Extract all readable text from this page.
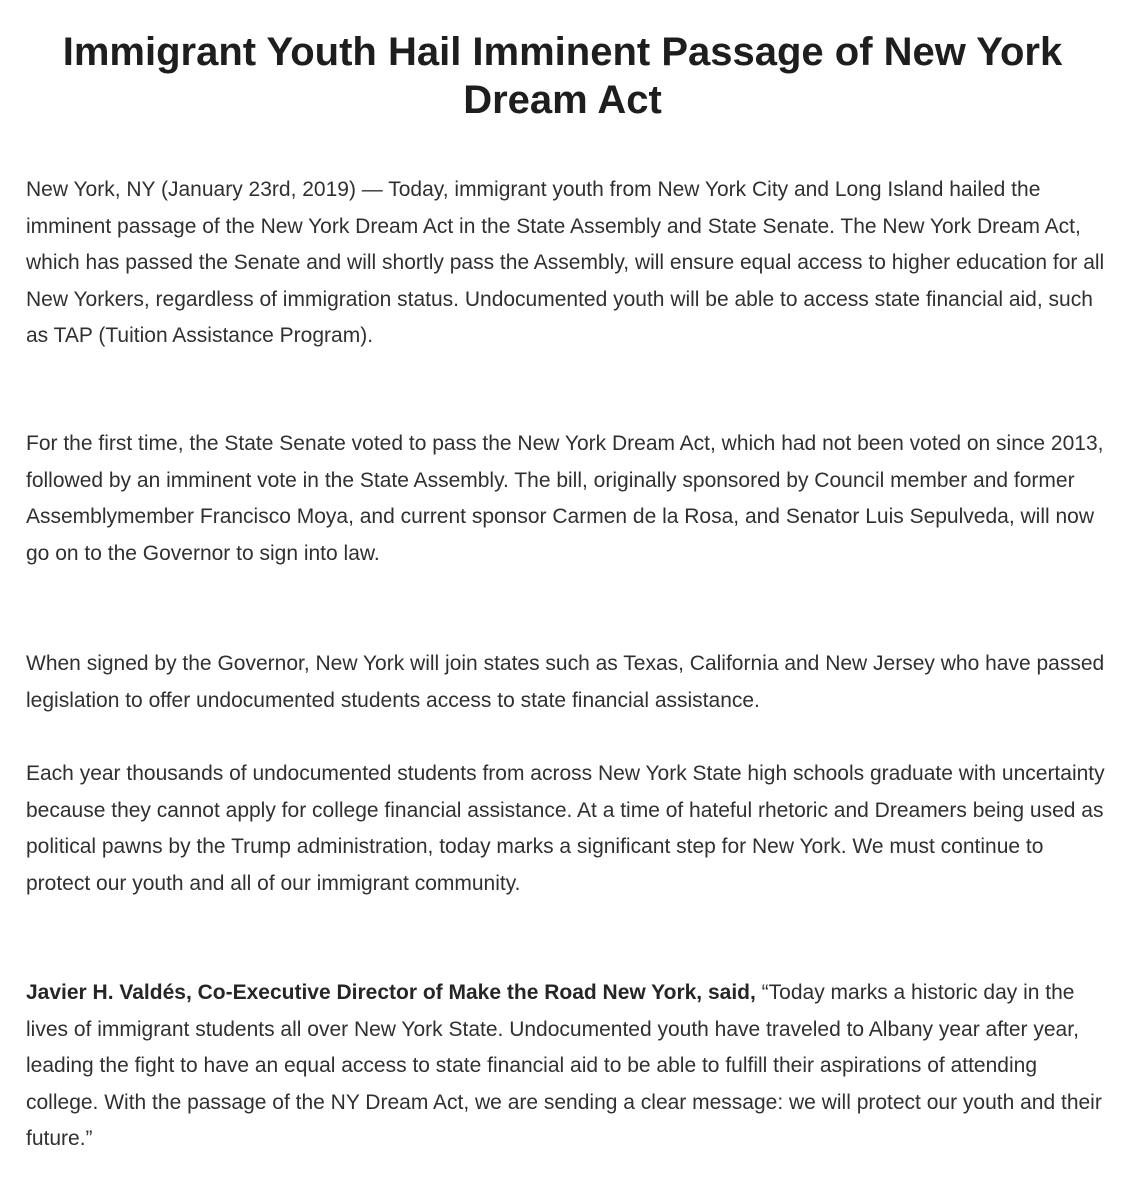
Immigrant Youth Hail Imminent Passage of New York Dream Act

New York, NY (January 23rd, 2019) — Today, immigrant youth from New York City and Long Island hailed the imminent passage of the New York Dream Act in the State Assembly and State Senate. The New York Dream Act, which has passed the Senate and will shortly pass the Assembly, will ensure equal access to higher education for all New Yorkers, regardless of immigration status. Undocumented youth will be able to access state financial aid, such as TAP (Tuition Assistance Program).

For the first time, the State Senate voted to pass the New York Dream Act, which had not been voted on since 2013, followed by an imminent vote in the State Assembly. The bill, originally sponsored by Council member and former Assemblymember Francisco Moya, and current sponsor Carmen de la Rosa, and Senator Luis Sepulveda, will now go on to the Governor to sign into law.

When signed by the Governor, New York will join states such as Texas, California and New Jersey who have passed legislation to offer undocumented students access to state financial assistance.

Each year thousands of undocumented students from across New York State high schools graduate with uncertainty because they cannot apply for college financial assistance. At a time of hateful rhetoric and Dreamers being used as political pawns by the Trump administration, today marks a significant step for New York. We must continue to protect our youth and all of our immigrant community.

Javier H. Valdés, Co-Executive Director of Make the Road New York, said, “Today marks a historic day in the lives of immigrant students all over New York State. Undocumented youth have traveled to Albany year after year, leading the fight to have an equal access to state financial aid to be able to fulfill their aspirations of attending college. With the passage of the NY Dream Act, we are sending a clear message: we will protect our youth and their future.”
